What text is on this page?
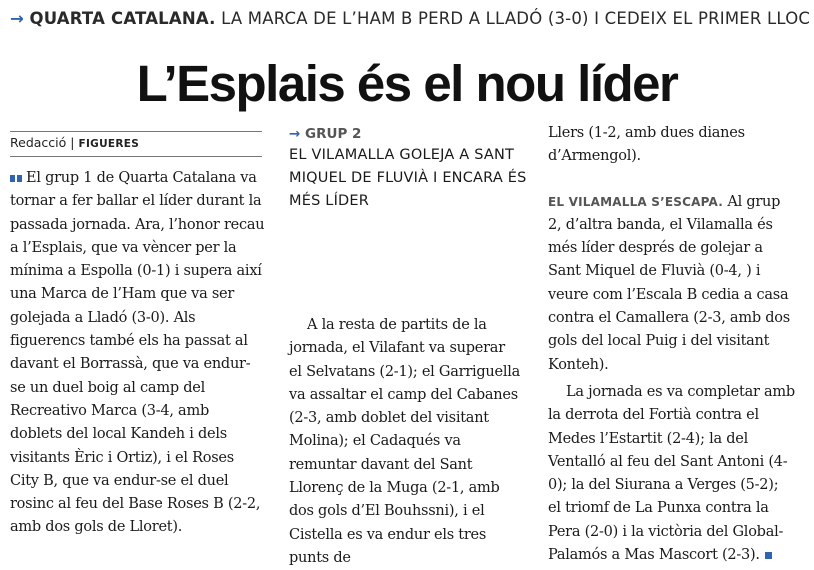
→ QUARTA CATALANA. LA MARCA DE L’HAM B PERD A LLADÓ (3-0) I CEDEIX EL PRIMER LLOC
L’Esplais és el nou líder
Redacció | FIGUERES

El grup 1 de Quarta Catalana va tornar a fer ballar el líder durant la passada jornada. Ara, l’honor recau a l’Esplais, que va vèncer per la mínima a Espolla (0-1) i supera així una Marca de l’Ham que va ser golejada a Lladó (3-0). Als figuerencs també els ha passat al davant el Borrassà, que va endur-se un duel boig al camp del Recreativo Marca (3-4, amb doblets del local Kandeh i dels visitants Èric i Ortiz), i el Roses City B, que va endur-se el duel rosinc al feu del Base Roses B (2-2, amb dos gols de Lloret).

→ GRUP 2
EL VILAMALLA GOLEJA A SANT MIQUEL DE FLUVIÀ I ENCARA ÉS MÉS LÍDER

A la resta de partits de la jornada, el Vilafant va superar el Selvatans (2-1); el Garriguella va assaltar el camp del Cabanes (2-3, amb doblet del visitant Molina); el Cadaqués va remuntar davant del Sant Llorenç de la Muga (2-1, amb dos gols d’El Bouhssni), i el Cistella es va endur els tres punts de

Llers (1-2, amb dues dianes d’Armengol).

EL VILAMALLA S’ESCAPA. Al grup 2, d’altra banda, el Vilamalla és més líder després de golejar a Sant Miquel de Fluvià (0-4, ) i veure com l’Escala B cedia a casa contra el Camallera (2-3, amb dos gols del local Puig i del visitant Konteh).

La jornada es va completar amb la derrota del Fortià contra el Medes l’Estartit (2-4); la del Ventalló al feu del Sant Antoni (4-0); la del Siurana a Verges (5-2); el triomf de La Punxa contra la Pera (2-0) i la victòria del Global-Palamós a Mas Mascort (2-3).
